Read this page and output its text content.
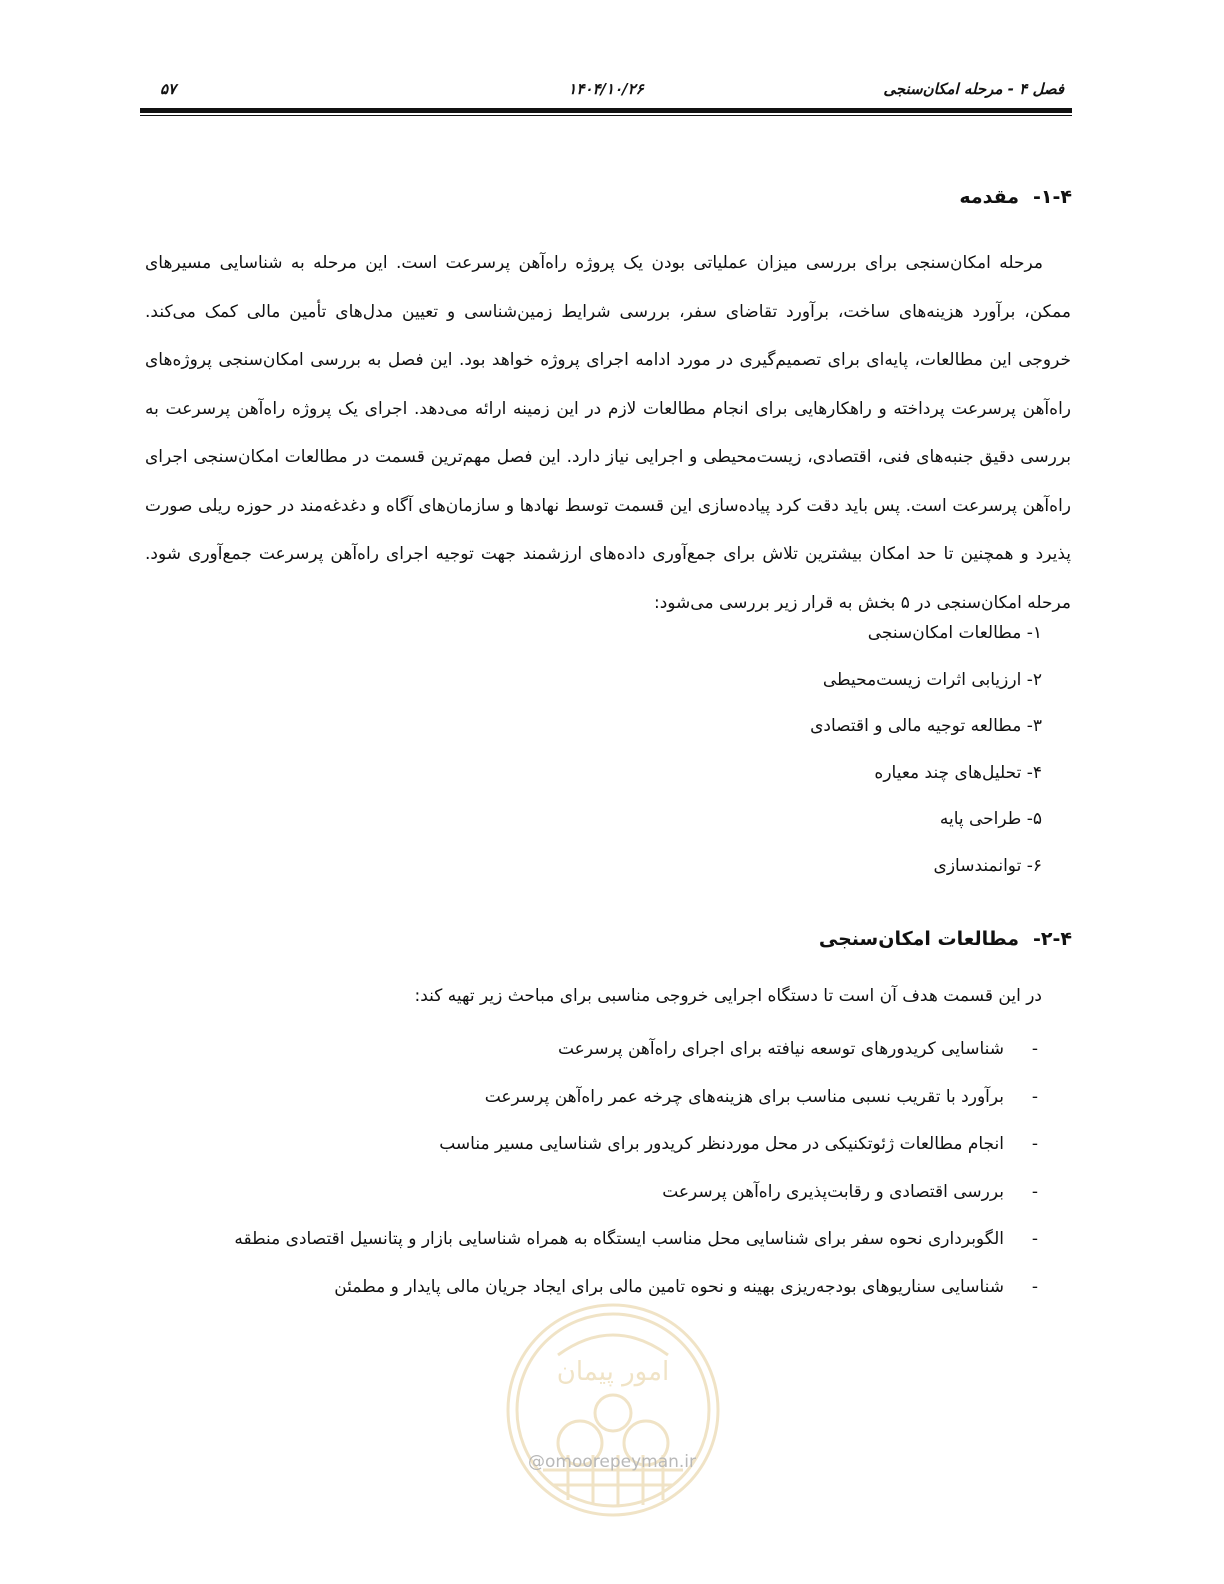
فصل ۴ - مرحله امکان‌سنجی
۱۴۰۴/۱۰/۲۶
۵۷
۱-۴-مقدمه
مرحله امکان‌سنجی برای بررسی میزان عملیاتی بودن یک پروژه راه‌آهن پرسرعت است. این مرحله به شناسایی مسیرهای ممکن، برآورد هزینه‌های ساخت، برآورد تقاضای سفر، بررسی شرایط زمین‌شناسی و تعیین مدل‌های تأمین مالی کمک می‌کند. خروجی این مطالعات، پایه‌ای برای تصمیم‌گیری در مورد ادامه اجرای پروژه خواهد بود. این فصل به بررسی امکان‌سنجی پروژه‌های راه‌آهن پرسرعت پرداخته و راهکارهایی برای انجام مطالعات لازم در این زمینه ارائه می‌دهد. اجرای یک پروژه راه‌آهن پرسرعت به بررسی دقیق جنبه‌های فنی، اقتصادی، زیست‌محیطی و اجرایی نیاز دارد. این فصل مهم‌ترین قسمت در مطالعات امکان‌سنجی اجرای راه‌آهن پرسرعت است. پس باید دقت کرد پیاده‌سازی این قسمت توسط نهادها و سازمان‌های آگاه و دغدغه‌مند در حوزه ریلی صورت پذیرد و همچنین تا حد امکان بیشترین تلاش برای جمع‌آوری داده‌های ارزشمند جهت توجیه اجرای راه‌آهن پرسرعت جمع‌آوری شود. مرحله امکان‌سنجی در ۵ بخش به قرار زیر بررسی می‌شود:
۱- مطالعات امکان‌سنجی
۲- ارزیابی اثرات زیست‌محیطی
۳- مطالعه توجیه مالی و اقتصادی
۴- تحلیل‌های چند معیاره
۵- طراحی پایه
۶- توانمندسازی
۲-۴-مطالعات امکان‌سنجی
در این قسمت هدف آن است تا دستگاه اجرایی خروجی مناسبی برای مباحث زیر تهیه کند:
-
شناسایی کریدورهای توسعه نیافته برای اجرای راه‌آهن پرسرعت
-
برآورد با تقریب نسبی مناسب برای هزینه‌های چرخه عمر راه‌آهن پرسرعت
-
انجام مطالعات ژئوتکنیکی در محل موردنظر کریدور برای شناسایی مسیر مناسب
-
بررسی اقتصادی و رقابت‌پذیری راه‌آهن پرسرعت
-
الگوبرداری نحوه سفر برای شناسایی محل مناسب ایستگاه به همراه شناسایی بازار و پتانسیل اقتصادی منطقه
-
شناسایی سناریوهای بودجه‌ریزی بهینه و نحوه تامین مالی برای ایجاد جریان مالی پایدار و مطمئن
امور پیمان
@omoorepeyman.ir
